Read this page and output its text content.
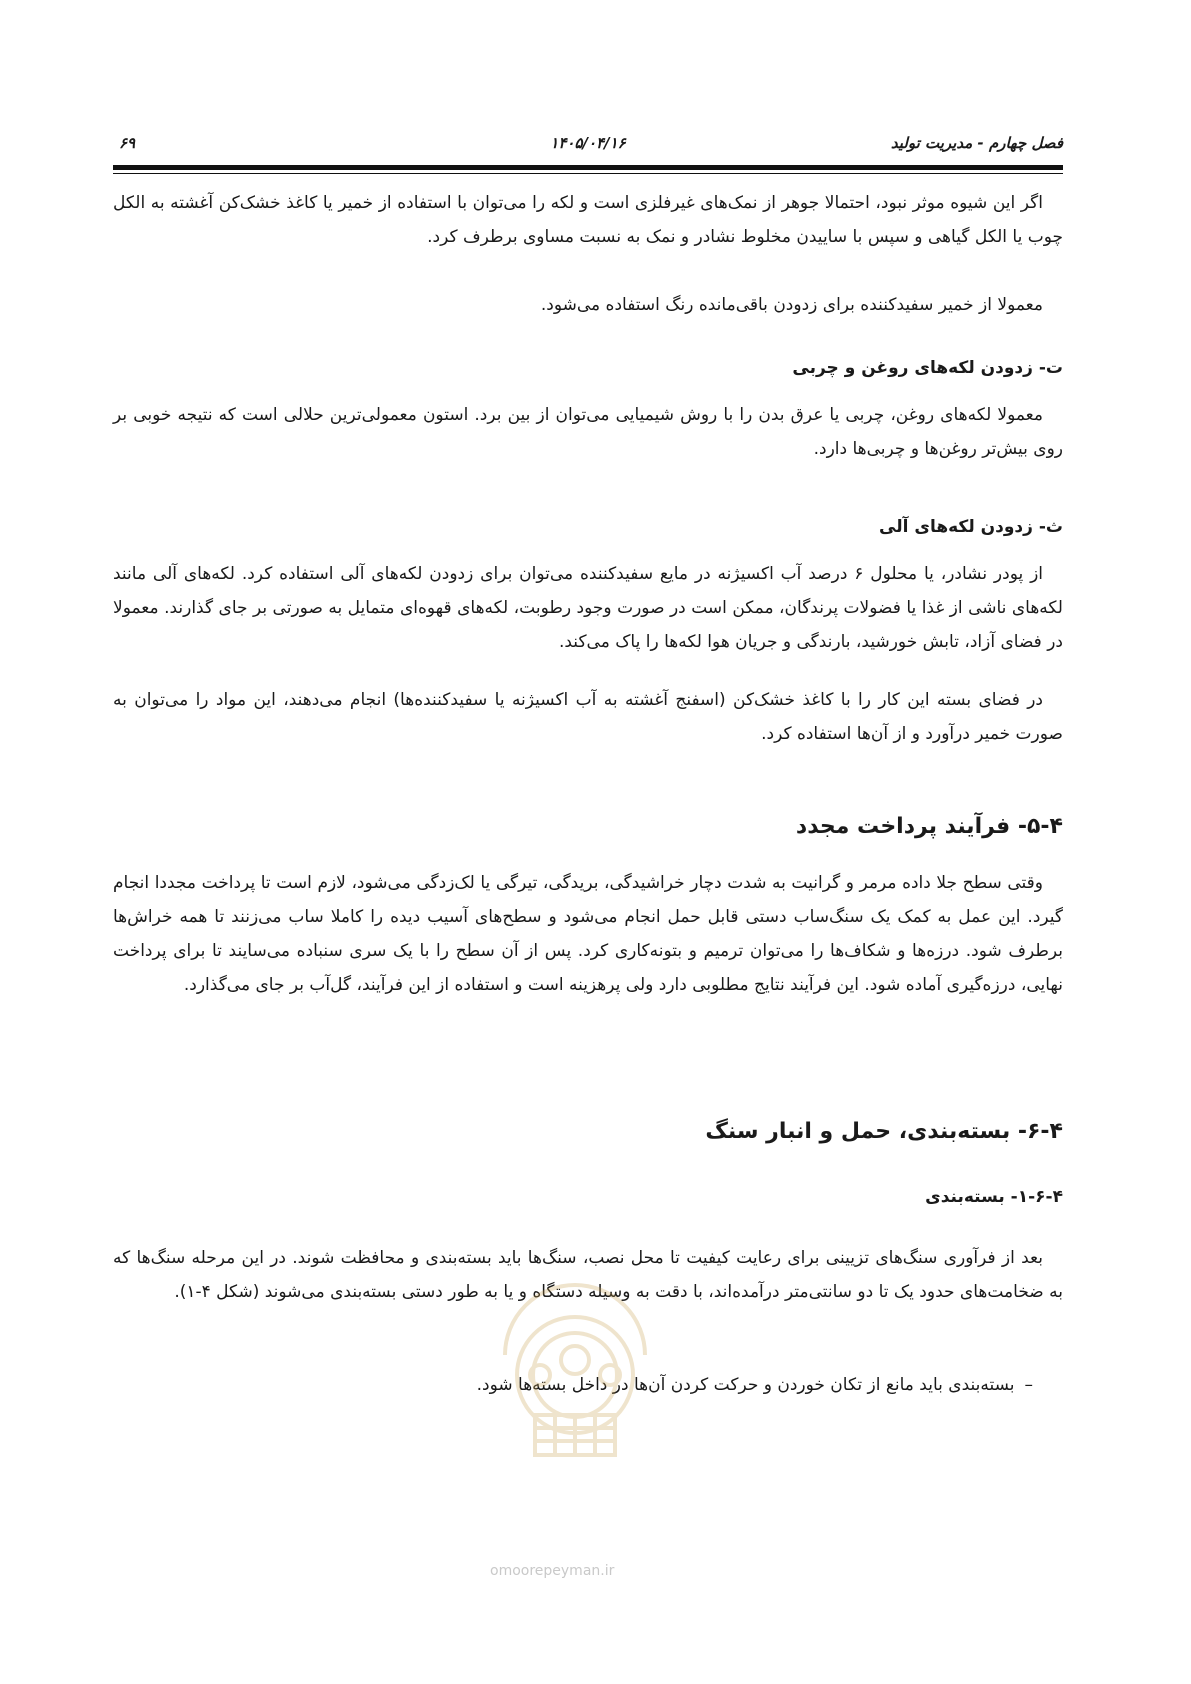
فصل چهارم - مدیریت تولید
۱۴۰۵/۰۴/۱۶
۶۹

اگر این شیوه موثر نبود، احتمالا جوهر از نمک‌های غیرفلزی است و لکه را می‌توان با استفاده از خمیر یا کاغذ خشک‌کن آغشته به الکل چوب یا الکل گیاهی و سپس با ساییدن مخلوط نشادر و نمک به نسبت مساوی برطرف کرد.

معمولا از خمیر سفیدکننده برای زدودن باقی‌مانده رنگ استفاده می‌شود.

ت- زدودن لکه‌های روغن و چربی

معمولا لکه‌های روغن، چربی یا عرق بدن را با روش شیمیایی می‌توان از بین برد. استون معمولی‌ترین حلالی است که نتیجه خوبی بر روی بیش‌تر روغن‌ها و چربی‌ها دارد.

ث- زدودن لکه‌های آلی

از پودر نشادر، یا محلول ۶ درصد آب اکسیژنه در مایع سفیدکننده می‌توان برای زدودن لکه‌های آلی استفاده کرد. لکه‌های آلی مانند لکه‌های ناشی از غذا یا فضولات پرندگان، ممکن است در صورت وجود رطوبت، لکه‌های قهوه‌ای متمایل به صورتی بر جای گذارند. معمولا در فضای آزاد، تابش خورشید، بارندگی و جریان هوا لکه‌ها را پاک می‌کند.

در فضای بسته این کار را با کاغذ خشک‌کن (اسفنج آغشته به آب اکسیژنه یا سفیدکننده‌ها) انجام می‌دهند، این مواد را می‌توان به صورت خمیر درآورد و از آن‌ها استفاده کرد.

۵-۴- فرآیند پرداخت مجدد

وقتی سطح جلا داده مرمر و گرانیت به شدت دچار خراشیدگی، بریدگی، تیرگی یا لک‌زدگی می‌شود، لازم است تا پرداخت مجددا انجام گیرد. این عمل به کمک یک سنگ‌ساب دستی قابل حمل انجام می‌شود و سطح‌های آسیب دیده را کاملا ساب می‌زنند تا همه خراش‌ها برطرف شود. درزه‌ها و شکاف‌ها را می‌توان ترمیم و بتونه‌کاری کرد. پس از آن سطح را با یک سری سنباده می‌سایند تا برای پرداخت نهایی، درزه‌گیری آماده شود. این فرآیند نتایج مطلوبی دارد ولی پرهزینه است و استفاده از این فرآیند، گل‌آب بر جای می‌گذارد.

۶-۴- بسته‌بندی، حمل و انبار سنگ
۱-۶-۴- بسته‌بندی

بعد از فرآوری سنگ‌های تزیینی برای رعایت کیفیت تا محل نصب، سنگ‌ها باید بسته‌بندی و محافظت شوند. در این مرحله سنگ‌ها که به ضخامت‌های حدود یک تا دو سانتی‌متر درآمده‌اند، با دقت به وسیله دستگاه و یا به طور دستی بسته‌بندی می‌شوند (شکل ۴-۱).

–بسته‌بندی باید مانع از تکان خوردن و حرکت کردن آن‌ها در داخل بسته‌ها شود.
omoorepeyman.ir
